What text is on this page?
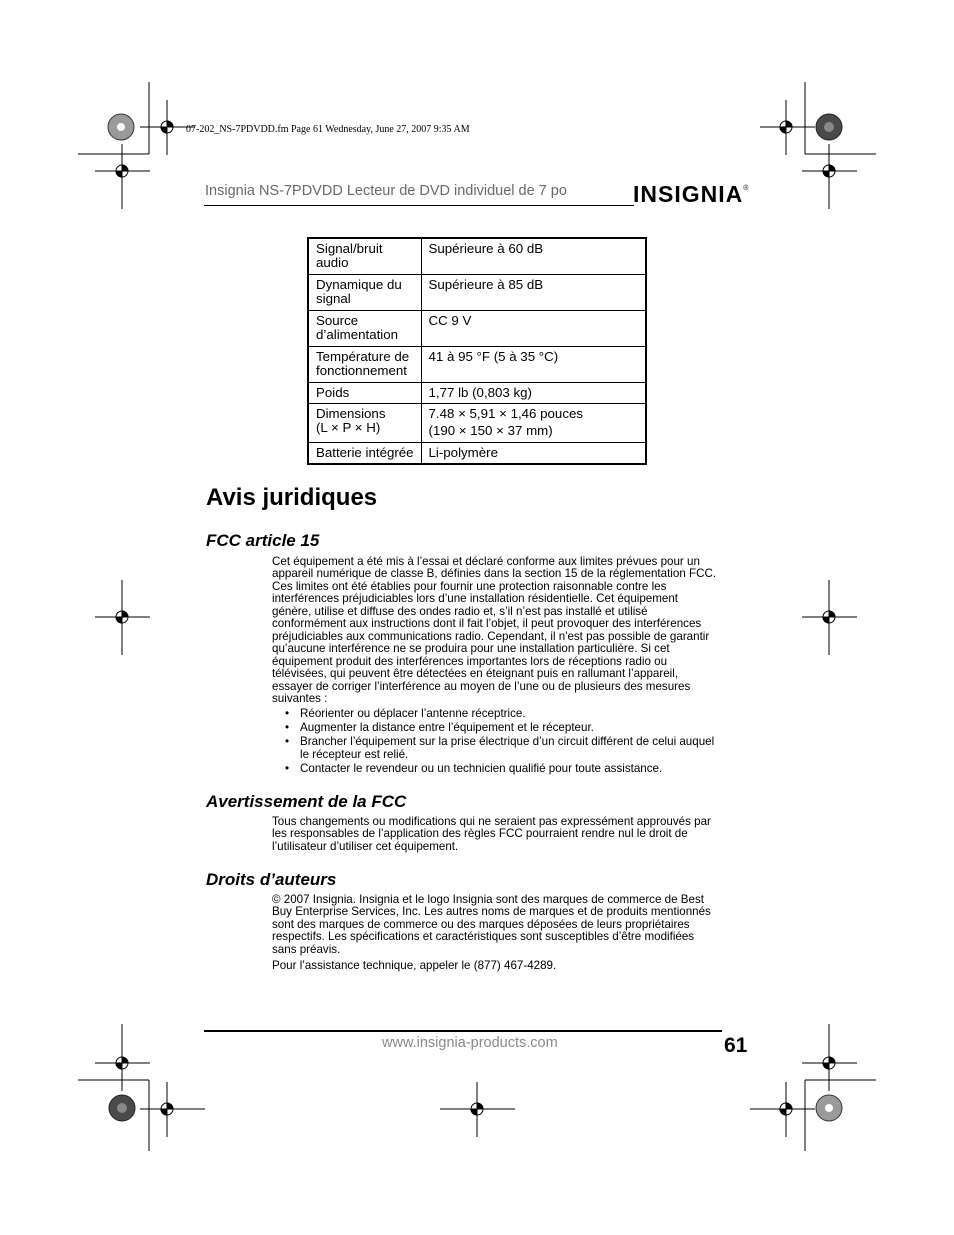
07-202_NS-7PDVDD.fm Page 61 Wednesday, June 27, 2007 9:35 AM
Insignia NS-7PDVDD Lecteur de DVD individuel de 7 po	INSIGNIA®
Signal/bruit
audio	Supérieure à 60 dB

Dynamique du
signal	Supérieure à 85 dB

Source
d’alimentation	CC 9 V

Température de
fonctionnement	41 à 95 °F (5 à 35 °C)

Poids	1,77 lb (0,803 kg)

Dimensions
(L × P × H)	7.48 × 5,91 × 1,46 pouces
(190 × 150 × 37 mm)

Batterie intégrée	Li-polymère
Avis juridiques
FCC article 15
Cet équipement a été mis à l’essai et déclaré conforme aux limites prévues pour un
appareil numérique de classe B, définies dans la section 15 de la réglementation FCC.
Ces limites ont été établies pour fournir une protection raisonnable contre les
interférences préjudiciables lors d’une installation résidentielle. Cet équipement
génère, utilise et diffuse des ondes radio et, s’il n’est pas installé et utilisé
conformément aux instructions dont il fait l’objet, il peut provoquer des interférences
préjudiciables aux communications radio. Cependant, il n'est pas possible de garantir
qu’aucune interférence ne se produira pour une installation particulière. Si cet
équipement produit des interférences importantes lors de réceptions radio ou
télévisées, qui peuvent être détectées en éteignant puis en rallumant l’appareil,
essayer de corriger l’interférence au moyen de l’une ou de plusieurs des mesures
suivantes :
• Réorienter ou déplacer l’antenne réceptrice.
• Augmenter la distance entre l’équipement et le récepteur.
• Brancher l’équipement sur la prise électrique d’un circuit différent de celui auquel
le récepteur est relié.
• Contacter le revendeur ou un technicien qualifié pour toute assistance.
Avertissement de la FCC
Tous changements ou modifications qui ne seraient pas expressément approuvés par
les responsables de l’application des règles FCC pourraient rendre nul le droit de
l’utilisateur d’utiliser cet équipement.
Droits d’auteurs
© 2007 Insignia. Insignia et le logo Insignia sont des marques de commerce de Best
Buy Enterprise Services, Inc. Les autres noms de marques et de produits mentionnés
sont des marques de commerce ou des marques déposées de leurs propriétaires
respectifs. Les spécifications et caractéristiques sont susceptibles d’être modifiées
sans préavis.
Pour l’assistance technique, appeler le (877) 467-4289.
www.insignia-products.com	61
